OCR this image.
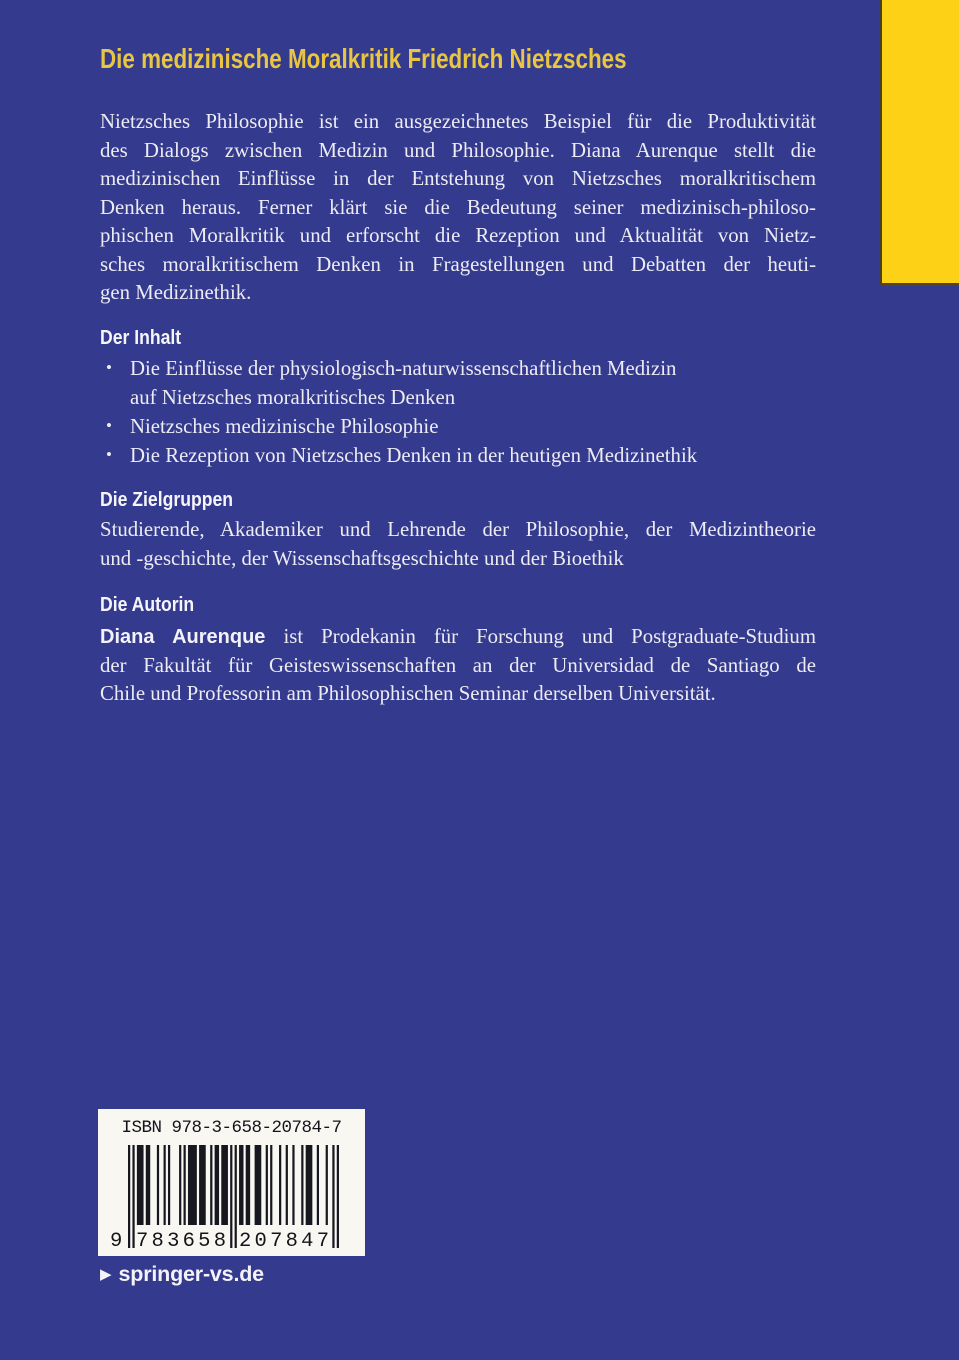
Die medizinische Moralkritik Friedrich Nietzsches
Nietzsches Philosophie ist ein ausgezeichnetes Beispiel für die Produktivität
des Dialogs zwischen Medizin und Philosophie. Diana Aurenque stellt die
medizinischen Einflüsse in der Entstehung von Nietzsches moralkritischem
Denken heraus. Ferner klärt sie die Bedeutung seiner medizinisch-philoso-
phischen Moralkritik und erforscht die Rezeption und Aktualität von Nietz-
sches moralkritischem Denken in Fragestellungen und Debatten der heuti-
gen Medizinethik.
Der Inhalt
• Die Einflüsse der physiologisch-naturwissenschaftlichen Medizin
auf Nietzsches moralkritisches Denken
• Nietzsches medizinische Philosophie
• Die Rezeption von Nietzsches Denken in der heutigen Medizinethik
Die Zielgruppen
Studierende, Akademiker und Lehrende der Philosophie, der Medizintheorie
und -geschichte, der Wissenschaftsgeschichte und der Bioethik
Die Autorin
Diana Aurenque ist Prodekanin für Forschung und Postgraduate-Studium
der Fakultät für Geisteswissenschaften an der Universidad de Santiago de
Chile und Professorin am Philosophischen Seminar derselben Universität.
ISBN 978-3-658-20784-7
9 783658 207847
▶ springer-vs.de
